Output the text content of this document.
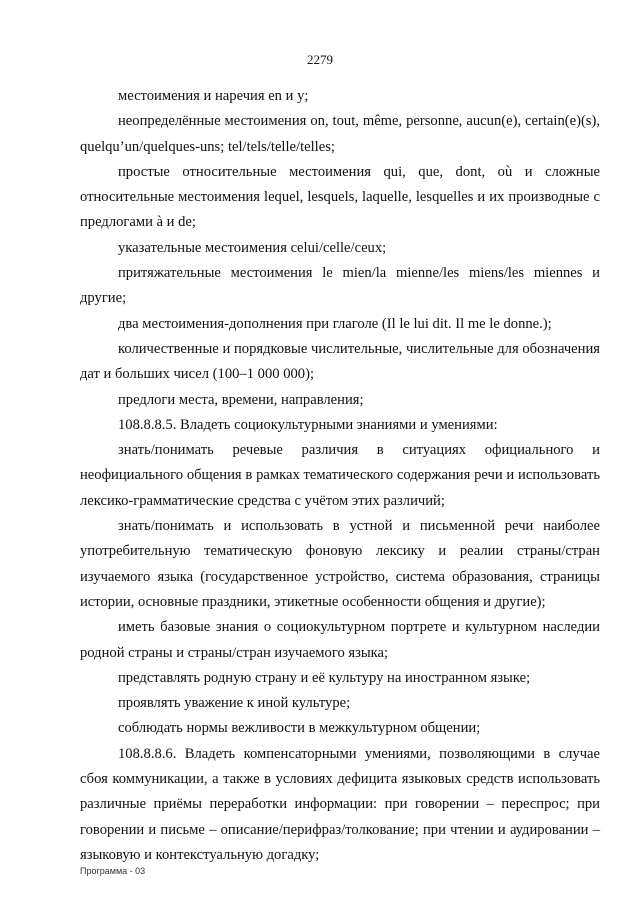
2279

местоимения и наречия en и y;

неопределённые местоимения on, tout, même, personne, aucun(e), certain(e)(s), quelqu’un/quelques-uns; tel/tels/telle/telles;

простые относительные местоимения qui, que, dont, où и сложные относительные местоимения lequel, lesquels, laquelle, lesquelles и их производные с предлогами à и de;

указательные местоимения celui/celle/ceux;

притяжательные местоимения le mien/la mienne/les miens/les miennes и другие;

два местоимения-дополнения при глаголе (Il le lui dit. Il me le donne.);

количественные и порядковые числительные, числительные для обозначения дат и больших чисел (100–1 000 000);

предлоги места, времени, направления;

108.8.8.5. Владеть социокультурными знаниями и умениями:

знать/понимать речевые различия в ситуациях официального и неофициального общения в рамках тематического содержания речи и использовать лексико-грамматические средства с учётом этих различий;

знать/понимать и использовать в устной и письменной речи наиболее употребительную тематическую фоновую лексику и реалии страны/стран изучаемого языка (государственное устройство, система образования, страницы истории, основные праздники, этикетные особенности общения и другие);

иметь базовые знания о социокультурном портрете и культурном наследии родной страны и страны/стран изучаемого языка;

представлять родную страну и её культуру на иностранном языке;

проявлять уважение к иной культуре;

соблюдать нормы вежливости в межкультурном общении;

108.8.8.6. Владеть компенсаторными умениями, позволяющими в случае сбоя коммуникации, а также в условиях дефицита языковых средств использовать различные приёмы переработки информации: при говорении – переспрос; при говорении и письме – описание/перифраз/толкование; при чтении и аудировании – языковую и контекстуальную догадку;

Программа - 03
